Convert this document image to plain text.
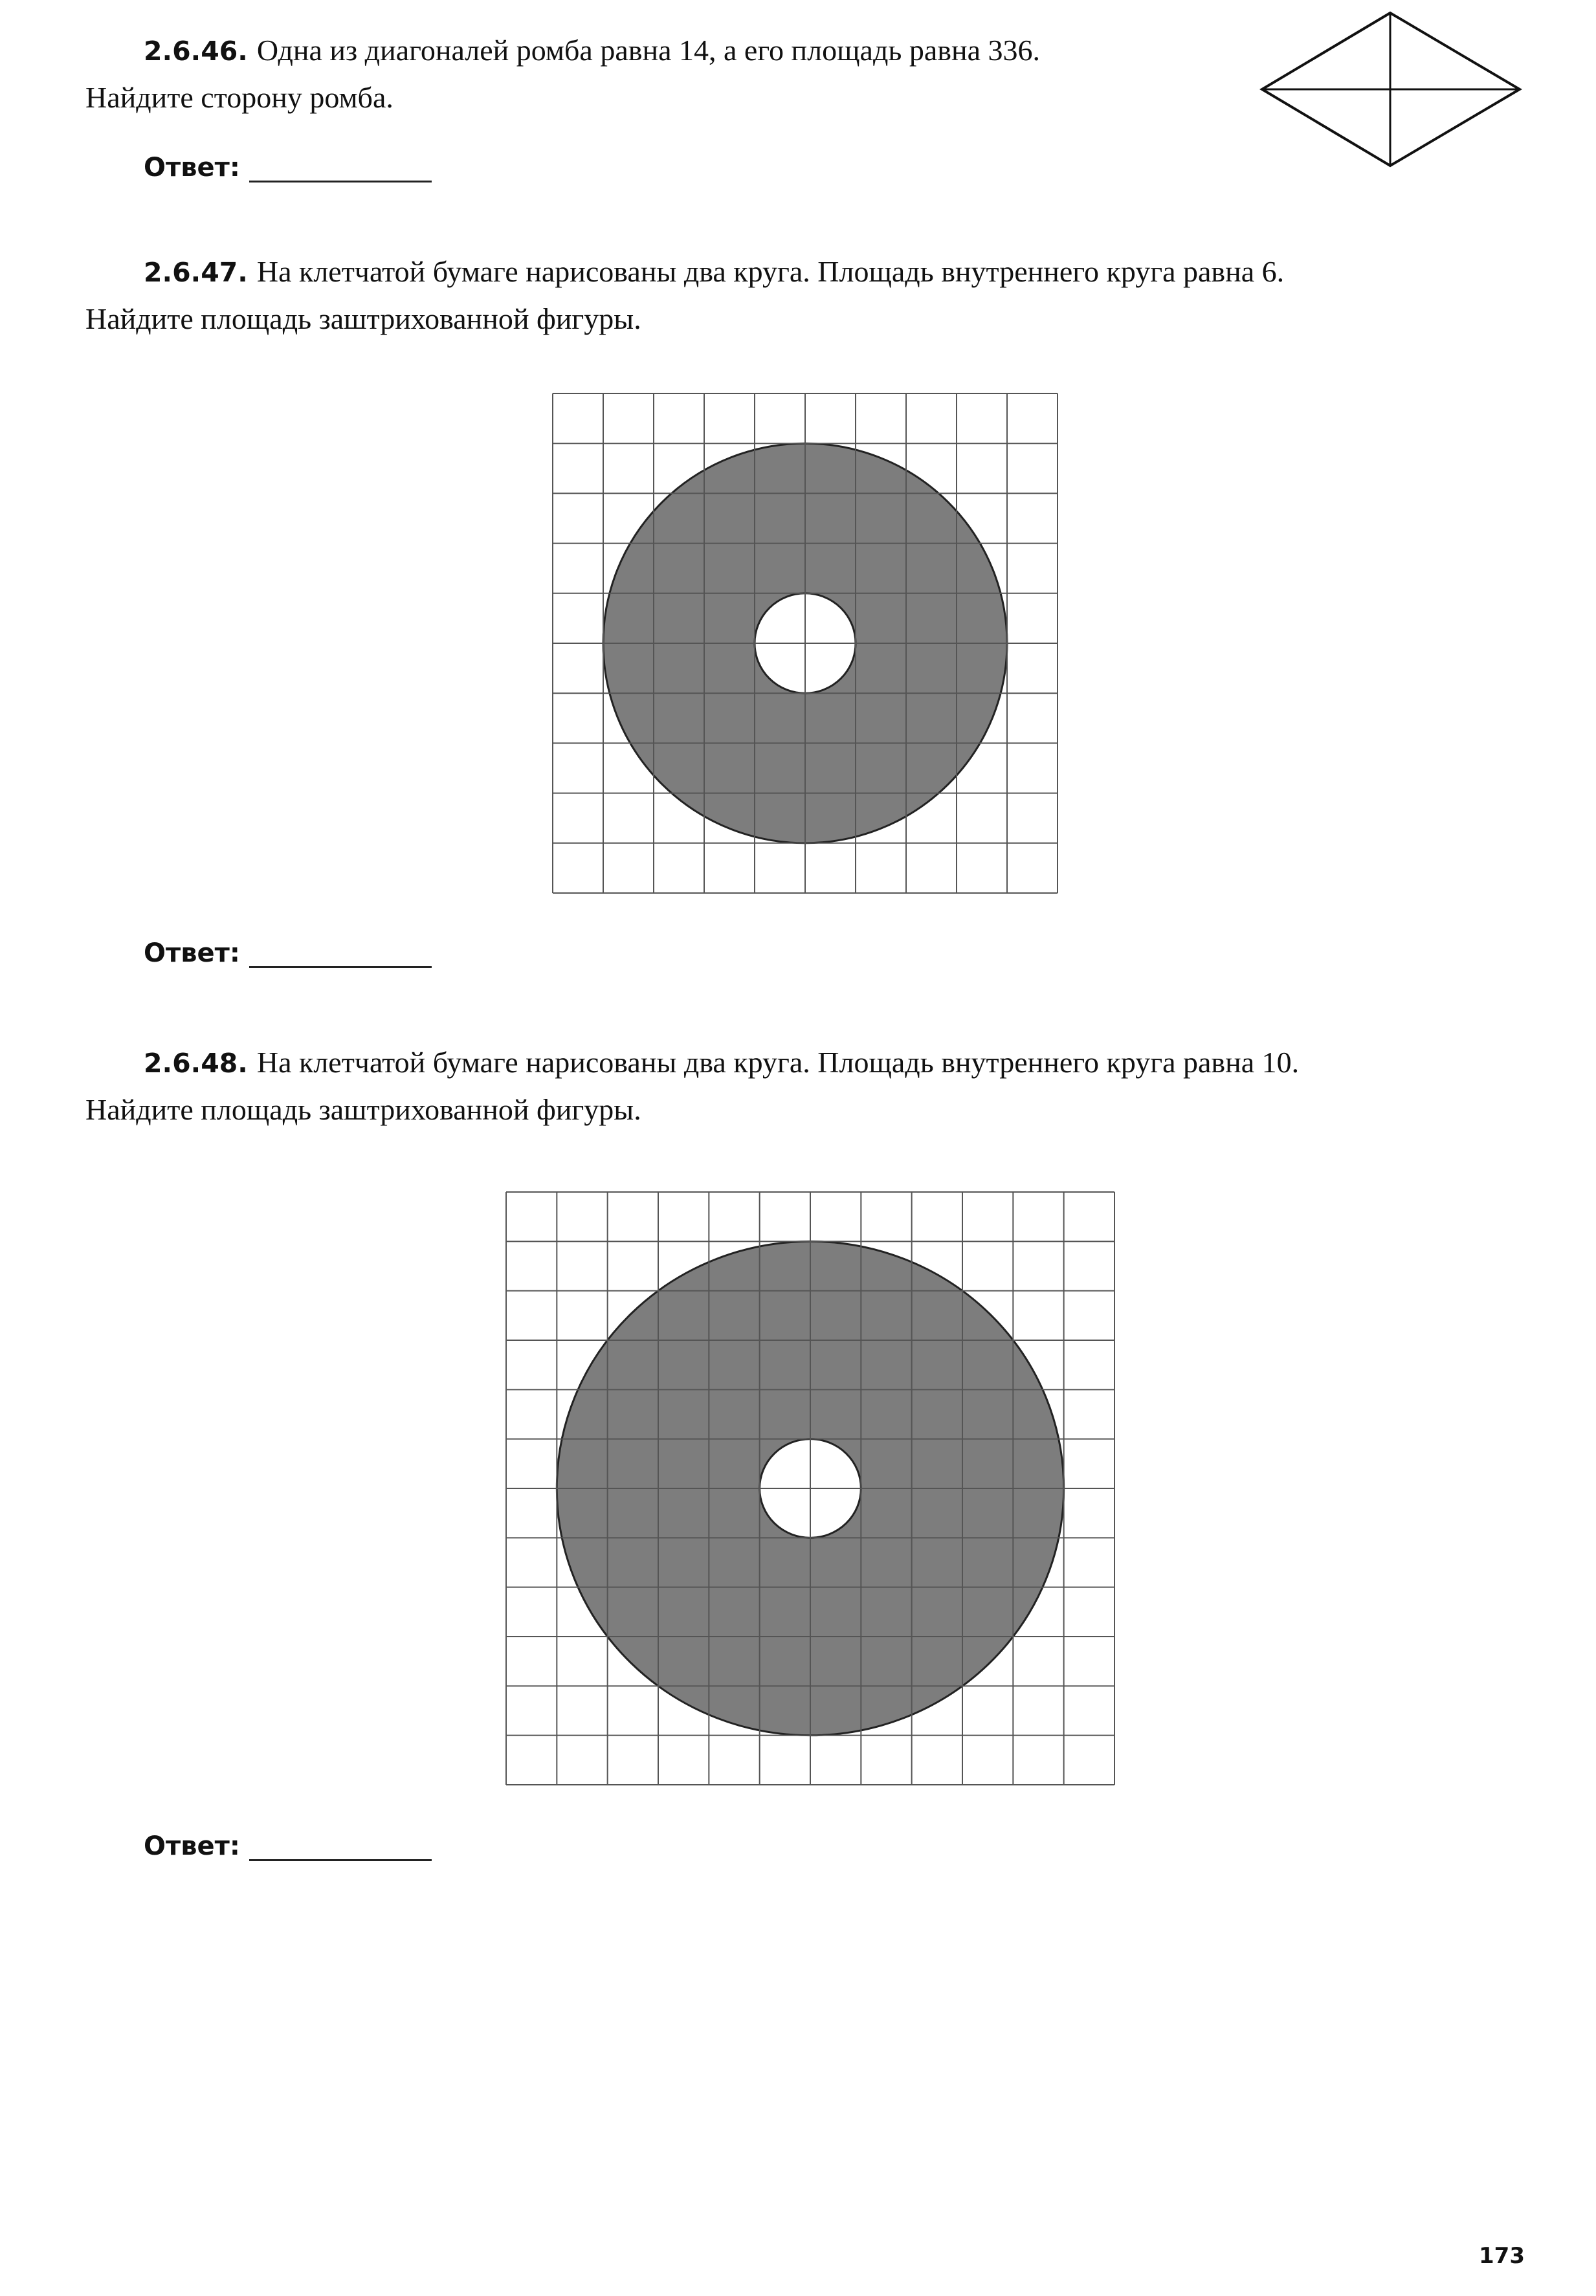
2.6.46. Одна из диагоналей ромба равна 14, а его площадь равна 336.
Найдите сторону ромба.
Ответ:
2.6.47. На клетчатой бумаге нарисованы два круга. Площадь внутреннего круга равна 6.
Найдите площадь заштрихованной фигуры.
Ответ:
2.6.48. На клетчатой бумаге нарисованы два круга. Площадь внутреннего круга равна 10.
Найдите площадь заштрихованной фигуры.
Ответ:
173
